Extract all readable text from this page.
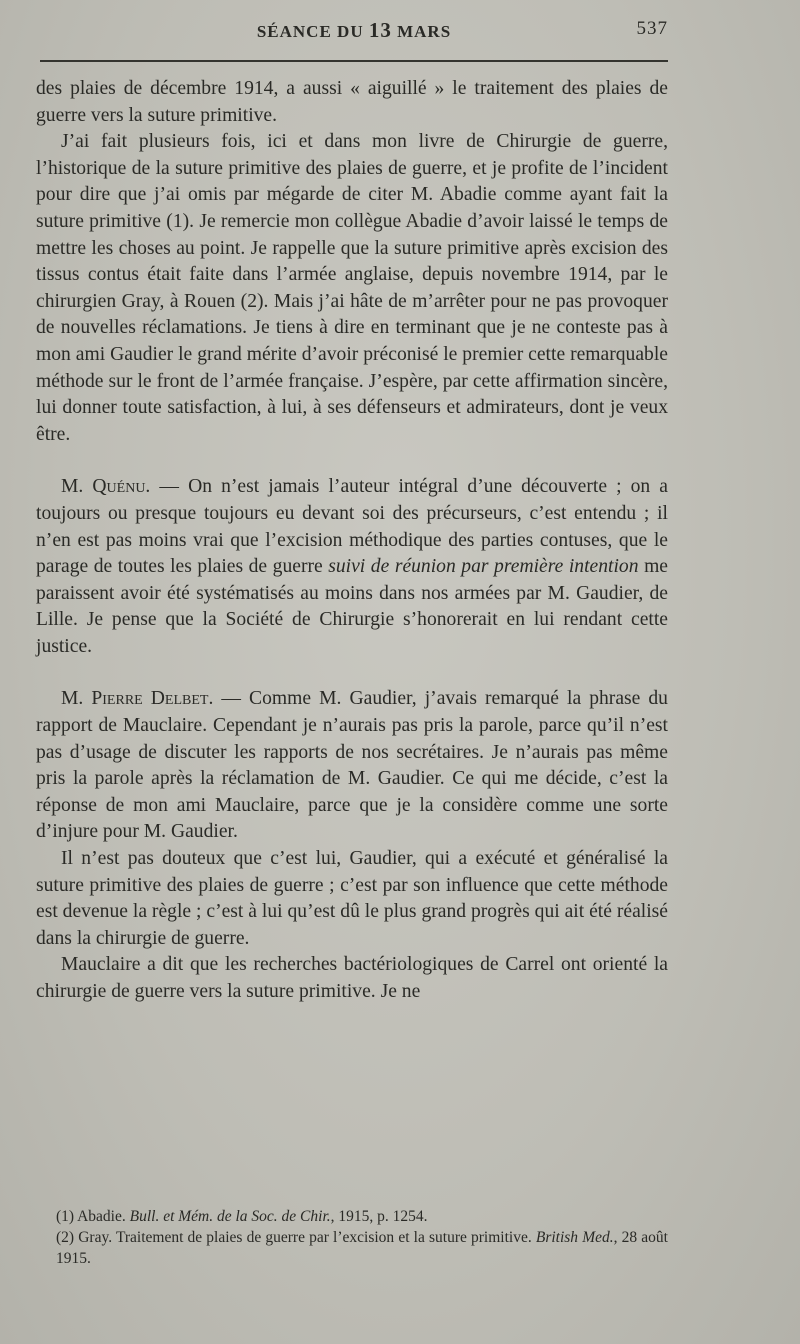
SÉANCE DU 13 MARS	537

des plaies de décembre 1914, a aussi « aiguillé » le traitement des plaies de guerre vers la suture primitive.

J’ai fait plusieurs fois, ici et dans mon livre de Chirurgie de guerre, l’historique de la suture primitive des plaies de guerre, et je profite de l’incident pour dire que j’ai omis par mégarde de citer M. Abadie comme ayant fait la suture primitive (1). Je remercie mon collègue Abadie d’avoir laissé le temps de mettre les choses au point. Je rappelle que la suture primitive après excision des tissus contus était faite dans l’armée anglaise, depuis novembre 1914, par le chirurgien Gray, à Rouen (2). Mais j’ai hâte de m’arrêter pour ne pas provoquer de nouvelles réclamations. Je tiens à dire en terminant que je ne conteste pas à mon ami Gaudier le grand mérite d’avoir préconisé le premier cette remarquable méthode sur le front de l’armée française. J’espère, par cette affirmation sincère, lui donner toute satisfaction, à lui, à ses défenseurs et admirateurs, dont je veux être.

M. Quénu. — On n’est jamais l’auteur intégral d’une découverte ; on a toujours ou presque toujours eu devant soi des précurseurs, c’est entendu ; il n’en est pas moins vrai que l’excision méthodique des parties contuses, que le parage de toutes les plaies de guerre suivi de réunion par première intention me paraissent avoir été systématisés au moins dans nos armées par M. Gaudier, de Lille. Je pense que la Société de Chirurgie s’honorerait en lui rendant cette justice.

M. Pierre Delbet. — Comme M. Gaudier, j’avais remarqué la phrase du rapport de Mauclaire. Cependant je n’aurais pas pris la parole, parce qu’il n’est pas d’usage de discuter les rapports de nos secrétaires. Je n’aurais pas même pris la parole après la réclamation de M. Gaudier. Ce qui me décide, c’est la réponse de mon ami Mauclaire, parce que je la considère comme une sorte d’injure pour M. Gaudier.

Il n’est pas douteux que c’est lui, Gaudier, qui a exécuté et généralisé la suture primitive des plaies de guerre ; c’est par son influence que cette méthode est devenue la règle ; c’est à lui qu’est dû le plus grand progrès qui ait été réalisé dans la chirurgie de guerre.

Mauclaire a dit que les recherches bactériologiques de Carrel ont orienté la chirurgie de guerre vers la suture primitive. Je ne

(1) Abadie. Bull. et Mém. de la Soc. de Chir., 1915, p. 1254.

(2) Gray. Traitement de plaies de guerre par l’excision et la suture primitive. British Med., 28 août 1915.
